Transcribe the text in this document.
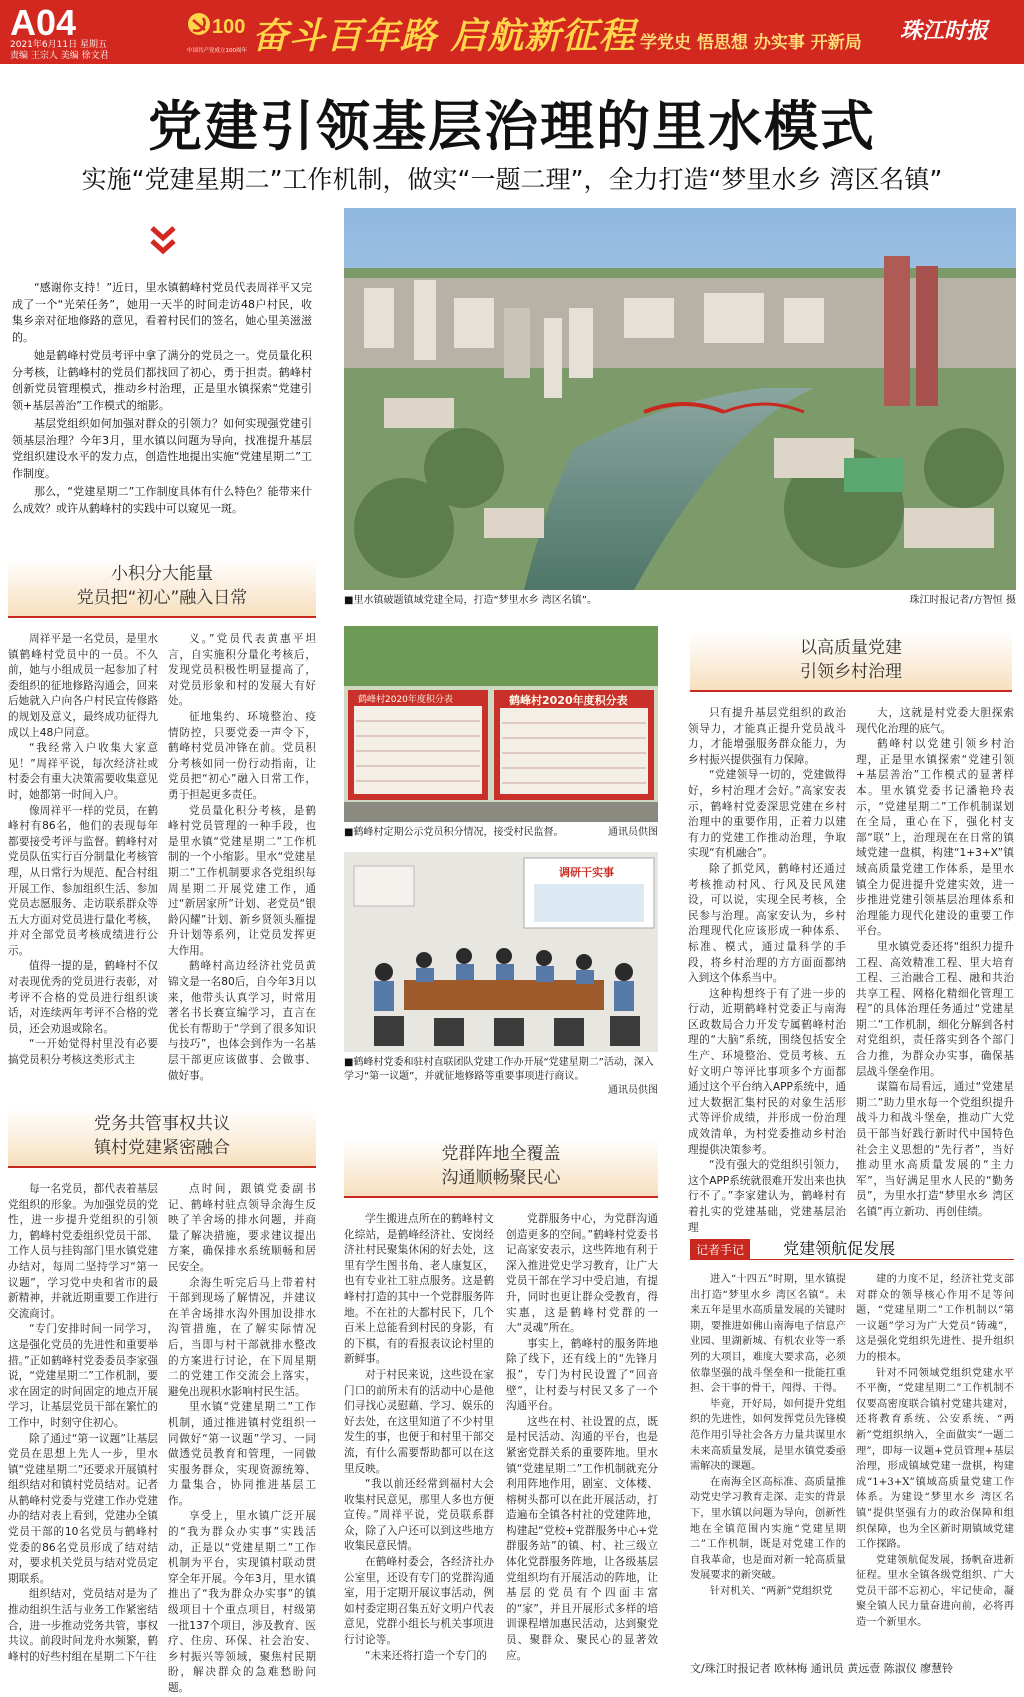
A04
2021年6月11日 星期五
责编 王宗人 美编 徐文君
100
中国共产党成立100周年 奋斗百年路 启航新征程 学党史 悟思想 办实事 开新局 珠江时报
党建引领基层治理的里水模式
实施“党建星期二”工作机制，做实“一题二理”，全力打造“梦里水乡 湾区名镇”

“感谢你支持！”近日，里水镇鹤峰村党员代表周祥平又完成了一个“光荣任务”，她用一天半的时间走访48户村民，收集乡亲对征地修路的意见，看着村民们的签名，她心里美滋滋的。

她是鹤峰村党员考评中拿了满分的党员之一。党员量化积分考核，让鹤峰村的党员们都找回了初心，勇于担责。鹤峰村创新党员管理模式，推动乡村治理，正是里水镇探索“党建引领+基层善治”工作模式的缩影。

基层党组织如何加强对群众的引领力？如何实现强党建引领基层治理？今年3月，里水镇以问题为导向，找准提升基层党组织建设水平的发力点，创造性地提出实施“党建星期二”工作制度。

那么，“党建星期二”工作制度具体有什么特色？能带来什么成效？或许从鹤峰村的实践中可以窥见一斑。

■里水镇破题镇域党建全局，打造“梦里水乡 湾区名镇”。	珠江时报记者/方智恒 摄
小积分大能量
党员把“初心”融入日常

周祥平是一名党员，是里水镇鹤峰村党员中的一员。不久前，她与小组成员一起参加了村委组织的征地修路沟通会，回来后她就入户向各户村民宣传修路的规划及意义，最终成功征得九成以上48户同意。

“我经常入户收集大家意见！”周祥平说，每次经济社或村委会有重大决策需要收集意见时，她都第一时间入户。

像周祥平一样的党员，在鹤峰村有86名，他们的表现每年都要接受考评与监督。鹤峰村对党员队伍实行百分制量化考核管理，从日常行为规范、配合村组开展工作、参加组织生活、参加党员志愿服务、走访联系群众等五大方面对党员进行量化考核，并对全部党员考核成绩进行公示。

值得一提的是，鹤峰村不仅对表现优秀的党员进行表彰，对考评不合格的党员进行组织谈话，对连续两年考评不合格的党员，还会劝退或除名。

“一开始觉得村里没有必要搞党员积分考核这类形式主

义。”党员代表黄惠平坦言，自实施积分量化考核后，发现党员积极性明显提高了，对党员形象和村的发展大有好处。

征地集约、环境整治、疫情防控，只要党委一声令下，鹤峰村党员冲锋在前。党员积分考核如同一份行动指南，让党员把“初心”融入日常工作，勇于担起更多责任。

党员量化积分考核，是鹤峰村党员管理的一种手段，也是里水镇“党建星期二”工作机制的一个小缩影。里水“党建星期二”工作机制要求各党组织每周星期二开展党建工作，通过“新居家所”计划、老党员“银龄闪耀”计划、新乡贤领头雁提升计划等系列，让党员发挥更大作用。

鹤峰村高边经济社党员黄锦文是一名80后，自今年3月以来，他带头认真学习，时常用著名书长赛宣编学习，直言在优长有帮助于“学到了很多知识与技巧”，也体会到作为一名基层干部更应该做事、会做事、做好事。

鹤峰村2020年度积分表	鹤峰村2020年度积分表
■鹤峰村定期公示党员积分情况，接受村民监督。	通讯员供图
调研干实事
■鹤峰村党委和驻村直联团队党建工作办开展“党建星期二”活动，深入学习“第一议题”，并就征地修路等重要事项进行商议。
通讯员供图
以高质量党建
引领乡村治理

只有提升基层党组织的政治领导力，才能真正提升党员战斗力，才能增强服务群众能力，为乡村振兴提供强有力保障。

“党建领导一切的，党建做得好，乡村治理才会好。”高家安表示，鹤峰村党委深思党建在乡村治理中的重要作用，正着力以建有力的党建工作推动治理，争取实现“有机融合”。

除了抓党风，鹤峰村还通过考核推动村风、行风及民风建设，可以说，实现全民考核，全民参与治理。高家安认为，乡村治理现代化应该形成一种体系、标准、模式，通过量科学的手段，将乡村治理的方方面面都纳入到这个体系当中。

这种构想终于有了进一步的行动，近期鹤峰村党委正与南海区政数局合力开发专属鹤峰村治理的“大脑”系统，围绕包括安全生产、环境整治、党员考核、五好文明户等评比事项多个方面都通过这个平台纳入APP系统中，通过大数据汇集村民的对象生活形式等评价成绩，并形成一份治理成效清单，为村党委推动乡村治理提供决策参考。

“没有强大的党组织引领力，这个APP系统就很难开发出来也执行不了。”李家建认为，鹤峰村有着扎实的党建基础，党建基层治理

大，这就是村党委大胆探索现代化治理的底气。

鹤峰村以党建引领乡村治理，正是里水镇探索“党建引领+基层善治”工作模式的显著样本。里水镇党委书记潘艳玲表示，“党建星期二”工作机制谋划在全局，重心在下，强化村支部“联”上，治理现在在日常的镇域党建一盘棋，构建“1+3+X”镇域高质量党建工作体系，是里水镇全力促进提升党建实效，进一步推进党建引领基层治理体系和治理能力现代化建设的重要工作平台。

里水镇党委还将“组织力提升工程、高效精准工程、里大培育工程、三治融合工程、融和共治共享工程、网格化精细化管理工程”的具体治理任务通过“党建星期二”工作机制，细化分解到各村对党组织，责任落实到各个部门合力推，为群众办实事，确保基层战斗堡垒作用。

谋篇布局看远，通过“党建星期二”助力里水每一个党组织提升战斗力和战斗堡垒，推动广大党员干部当好践行新时代中国特色社会主义思想的“先行者”，当好推动里水高质量发展的“主力军”，当好满足里水人民的“勤务员”，为里水打造“梦里水乡 湾区名镇”再立新功、再创佳绩。

党务共管事权共议
镇村党建紧密融合

每一名党员，都代表着基层党组织的形象。为加强党员的党性，进一步提升党组织的引领力，鹤峰村党委组织党员干部、工作人员与挂钩部门里水镇党建办结对，每周二坚持学习“第一议题”，学习党中央和省市的最新精神，并就近期重要工作进行交流商讨。

“专门安排时间一同学习，这是强化党员的先进性和重要举措。”正如鹤峰村党委委员李家强说，“党建星期二”工作机制，要求在固定的时间固定的地点开展学习，让基层党员干部在繁忙的工作中，时刻守住初心。

除了通过“第一议题”让基层党员在思想上先人一步，里水镇“党建星期二”还要求开展镇村组织结对和镇村党员结对。记者从鹤峰村党委与党建工作办党建办的结对表上看到，党建办全镇党员干部的10名党员与鹤峰村党委的86名党员形成了结对结对，要求机关党员与结对党员定期联系。

组织结对，党员结对是为了推动组织生活与业务工作紧密结合，进一步推动党务共管，事权共议。前段时间龙舟水频繁，鹤峰村的好些村组在星期二下午往

点时间，跟镇党委副书记、鹤峰村驻点领导余海生反映了羊舍场的排水问题，并商量了解决措施，要求建议提出方案，确保排水系统顺畅和居民安全。

余海生听完后马上带着村干部到现场了解情况，并建议在羊舍场排水沟外围加设排水沟管措施，在了解实际情况后，当即与村干部就排水整改的方案进行讨论，在下周星期二的党建工作交流会上落实，避免出现积水影响村民生活。

里水镇“党建星期二”工作机制，通过推进镇村党组织一同做好“第一议题”学习、一同做透党员教育和管理，一同做实服务群众，实现资源统筹、力量集合，协同推进基层工作。

享受上，里水镇广泛开展的“我为群众办实事”实践活动，正是以“党建星期二”工作机制为平台，实现镇村联动贯穿全年开展。今年3月，里水镇推出了“我为群众办实事”的镇级项目十个重点项目，村级第一批137个项目，涉及教育、医疗、住房、环保、社会治安、乡村振兴等领域，聚焦村民期盼，解决群众的急难愁盼问题。

党群阵地全覆盖
沟通顺畅聚民心

学生搬进点所在的鹤峰村文化综站，是鹤峰经济社、安岗经济社村民聚集休闲的好去处，这里有学生图书角、老人康复区，也有专业社工驻点服务。这是鹤峰村打造的其中一个党群服务阵地。不在社的大都村民下，几个百米上总能看到村民的身影，有的下棋，有的看报表议论村里的新鲜事。

对于村民来说，这些设在家门口的前所未有的活动中心是他们寻找心灵慰藉、学习、娱乐的好去处，在这里知道了不少村里发生的事，也便于和村里干部交流，有什么需要帮助都可以在这里反映。

“我以前还经常到福村大会收集村民意见，那里人多也方便宣传。”周祥平说，党员联系群众，除了入户还可以到这些地方收集民意民情。

在鹤峰村委会，各经济社办公室里，还设有专门的党群沟通室，用于定期开展议事活动，例如村委定期召集五好文明户代表意见，党群小组长与机关事项进行讨论等。

“未来还将打造一个专门的

党群服务中心，为党群沟通创造更多的空间。”鹤峰村党委书记高家安表示，这些阵地有利于深入推进党史学习教育，让广大党员干部在学习中受启迪，有提升，同时也更让群众受教育，得实惠，这是鹤峰村党群的一大“灵魂”所在。

事实上，鹤峰村的服务阵地除了线下，还有线上的“先锋月报”，专门为村民设置了“回音壁”，让村委与村民又多了一个沟通平台。

这些在村、社设置的点，既是村民活动、沟通的平台，也是紧密党群关系的重要阵地。里水镇“党建星期二”工作机制就充分利用阵地作用，剧室、文体楼、榕树头都可以在此开展活动，打造遍布全镇各村社的党建阵地，构建起“党校+党群服务中心+党群服务站”的镇、村、社三级立体化党群服务阵地，让各级基层党组织均有开展活动的阵地，让基层的党员有个四面丰富的“家”，并且开展形式多样的培训课程增加惠民活动，达到聚党员、聚群众、聚民心的显著效应。

记者手记 党建领航促发展

进入“十四五”时期，里水镇提出打造“梦里水乡 湾区名镇”。未来五年是里水高质量发展的关键时期，要推进如佛山南海电子信息产业园、里湖新城、有机农业等一系列的大项目，难度大要求高，必须依靠坚强的战斗堡垒和一批能扛重担、会干事的骨干，闯得、干得。

毕竟，开好局，如何提升党组织的先进性，如何发挥党员先锋模范作用引导社会各方力量共谋里水未来高质量发展，是里水镇党委亟需解决的课题。

在南海全区高标准、高质量推动党史学习教育走深、走实的背景下，里水镇以问题为导向，创新性地在全镇范围内实施“党建星期二”工作机制，既是对党建工作的自我革命，也是面对新一轮高质量发展要求的新突破。

针对机关、“两新”党组织党

建的力度不足，经济社党支部对群众的领导核心作用不足等问题，“党建星期二”工作机制以“第一议题”学习为广大党员“铸魂”，这是强化党组织先进性、提升组织力的根本。

针对不同领域党组织党建水平不平衡，“党建星期二”工作机制不仅要高密度联合镇村党建共建对，还将教育系统、公安系统、“两新”党组织纳入，全面做实“一题二理”，即每一议题+党员管理+基层治理，形成镇域党建一盘棋，构建成“1+3+X”镇域高质量党建工作体系。为建设“梦里水乡 湾区名镇”提供坚强有力的政治保障和组织保障，也为全区新时期镇域党建工作探路。

党建领航促发展，扬帆奋进新征程。里水全镇各级党组织、广大党员干部不忘初心，牢记使命，凝聚全镇人民力量奋进向前，必将再造一个新里水。

文/珠江时报记者 欧林梅 通讯员 黄远壹 陈淑仪 廖慧铃
